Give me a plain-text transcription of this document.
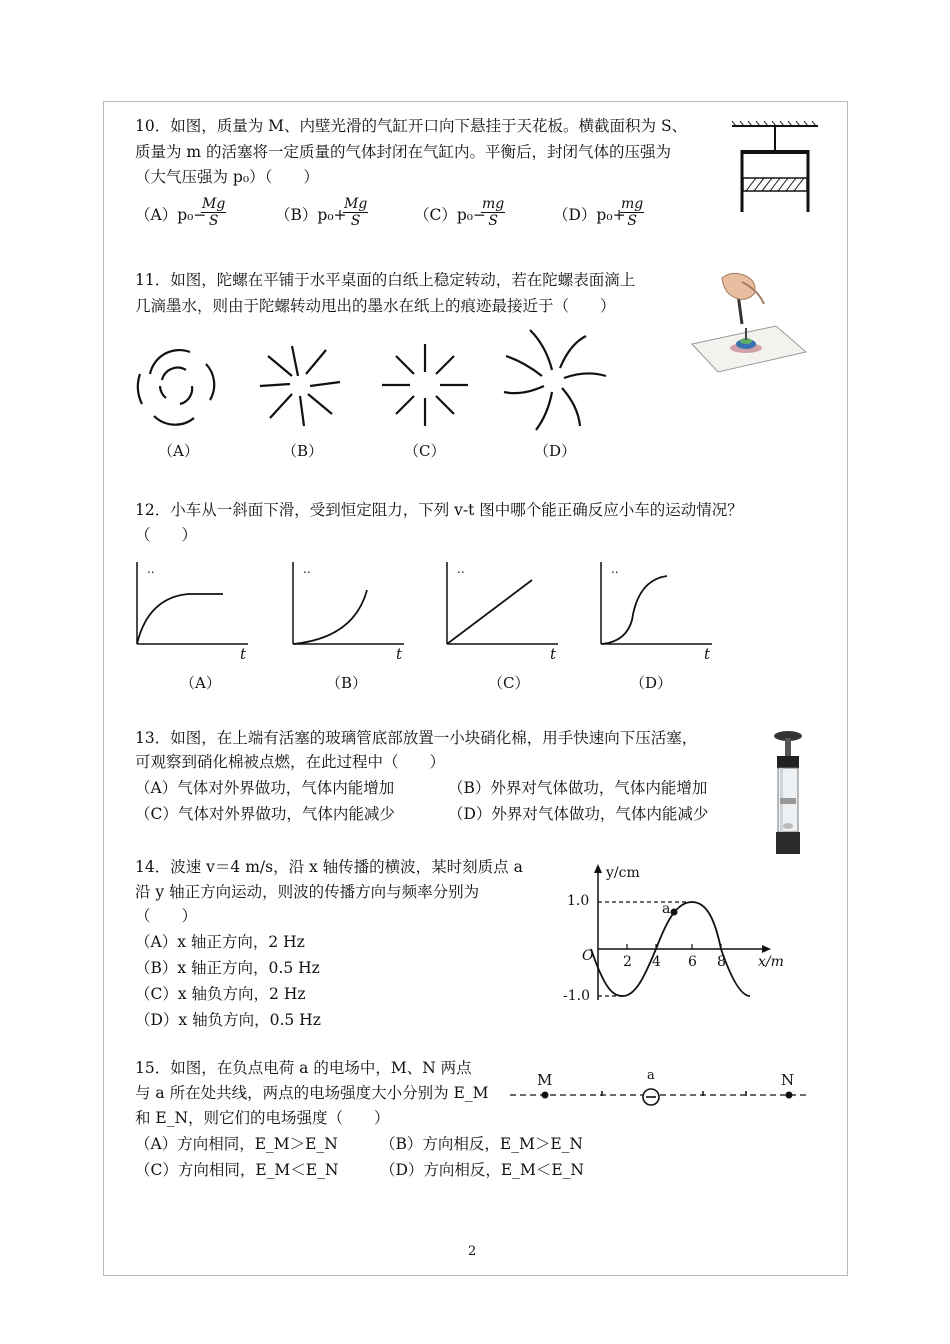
10．如图，质量为 M、内壁光滑的气缸开口向下悬挂于天花板。横截面积为 S、
质量为 m 的活塞将一定质量的气体封闭在气缸内。平衡后，封闭气体的压强为
（大气压强为 p₀）（　　）
（A）p₀−
$\frac{Mg}{S}$	（B）p₀+
$\frac{Mg}{S}$	（C）p₀−
$\frac{mg}{S}$	（D）p₀+
$\frac{mg}{S}$
11．如图，陀螺在平铺于水平桌面的白纸上稳定转动，若在陀螺表面滴上
几滴墨水，则由于陀螺转动甩出的墨水在纸上的痕迹最接近于（　　）
（A）	（B）	（C）	（D）
12．小车从一斜面下滑，受到恒定阻力，下列 v-t 图中哪个能正确反应小车的运动情况？
（　　）
..
t
..
t
..
t
..
t
（A）	（B）	（C）	（D）
13．如图，在上端有活塞的玻璃管底部放置一小块硝化棉，用手快速向下压活塞，
可观察到硝化棉被点燃，在此过程中（　　）
（A）气体对外界做功，气体内能增加	（B）外界对气体做功，气体内能增加
（C）气体对外界做功，气体内能减少	（D）外界对气体做功，气体内能减少
14．波速 v＝4 m/s，沿 x 轴传播的横波，某时刻质点 a
沿 y 轴正方向运动，则波的传播方向与频率分别为
（　　）
（A）x 轴正方向，2 Hz
（B）x 轴正方向，0.5 Hz
（C）x 轴负方向，2 Hz
（D）x 轴负方向，0.5 Hz
y/cm
1.0
-1.0
O 2 4 6 8 x/m
a
15．如图，在负点电荷 a 的电场中，M、N 两点
与 a 所在处共线，两点的电场强度大小分别为 E_M
和 E_N，则它们的电场强度（　　）
（A）方向相同，E_M＞E_N	（B）方向相反，E_M＞E_N
（C）方向相同，E_M＜E_N	（D）方向相反，E_M＜E_N
M	a	N
2
